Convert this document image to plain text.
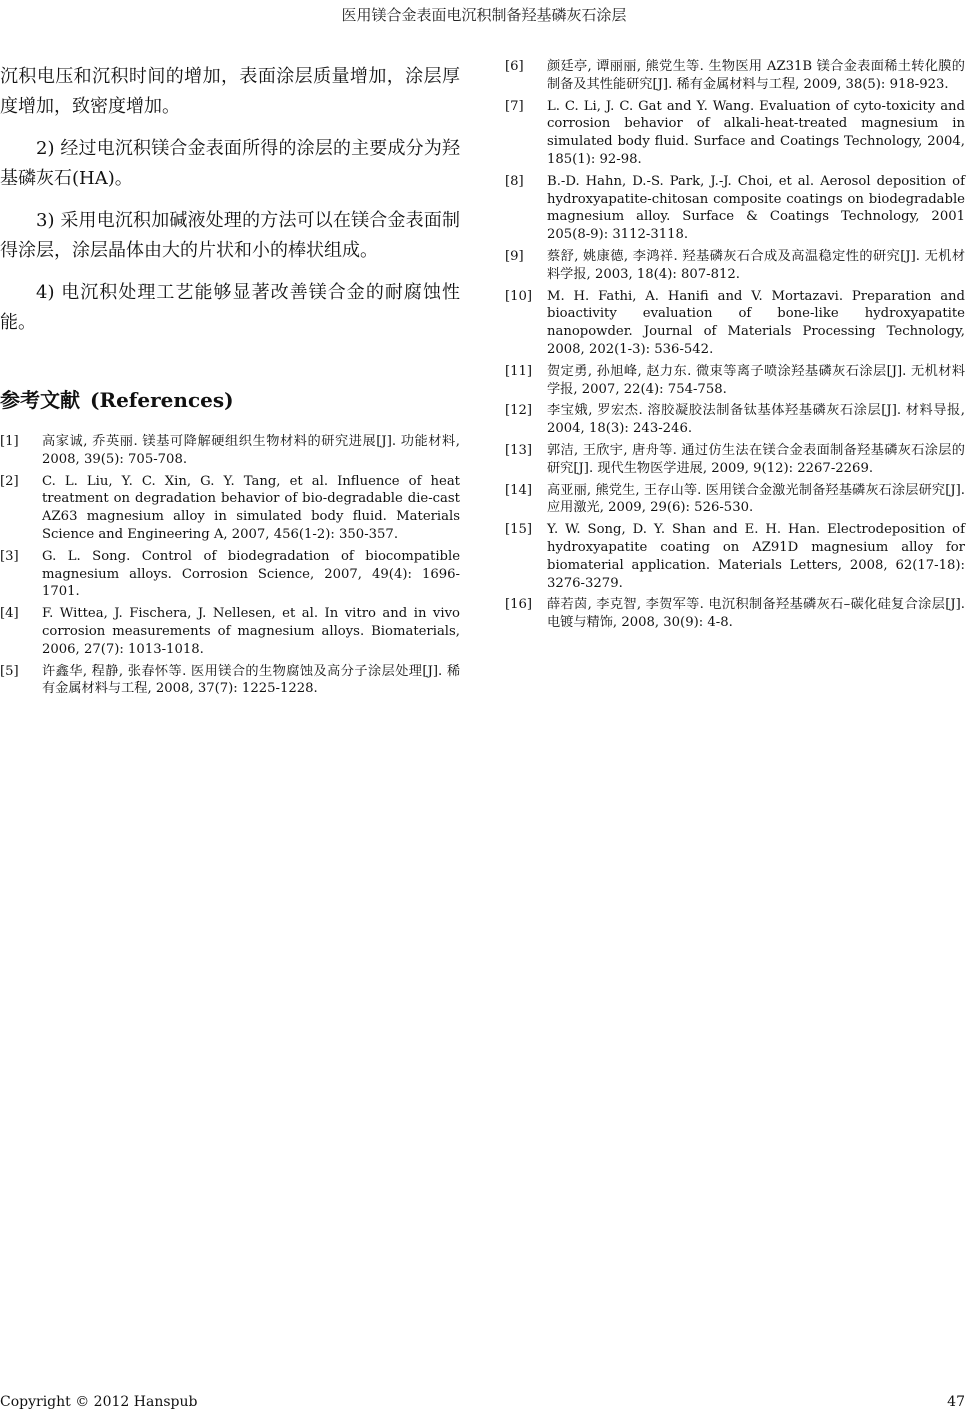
医用镁合金表面电沉积制备羟基磷灰石涂层

沉积电压和沉积时间的增加，表面涂层质量增加，涂层厚度增加，致密度增加。

2) 经过电沉积镁合金表面所得的涂层的主要成分为羟基磷灰石(HA)。

3) 采用电沉积加碱液处理的方法可以在镁合金表面制得涂层，涂层晶体由大的片状和小的棒状组成。

4) 电沉积处理工艺能够显著改善镁合金的耐腐蚀性能。

参考文献 (References)
[1]	高家诚, 乔英丽. 镁基可降解硬组织生物材料的研究进展[J]. 功能材料, 2008, 39(5): 705-708.
[2]	C. L. Liu, Y. C. Xin, G. Y. Tang, et al. Influence of heat treatment on degradation behavior of bio-degradable die-cast AZ63 magnesium alloy in simulated body fluid. Materials Science and Engineering A, 2007, 456(1-2): 350-357.
[3]	G. L. Song. Control of biodegradation of biocompatible magnesium alloys. Corrosion Science, 2007, 49(4): 1696-1701.
[4]	F. Wittea, J. Fischera, J. Nellesen, et al. In vitro and in vivo corrosion measurements of magnesium alloys. Biomaterials, 2006, 27(7): 1013-1018.
[5]	许鑫华, 程静, 张春怀等. 医用镁合的生物腐蚀及高分子涂层处理[J]. 稀有金属材料与工程, 2008, 37(7): 1225-1228.
[6]	颜廷亭, 谭丽丽, 熊党生等. 生物医用 AZ31B 镁合金表面稀土转化膜的制备及其性能研究[J]. 稀有金属材料与工程, 2009, 38(5): 918-923.
[7]	L. C. Li, J. C. Gat and Y. Wang. Evaluation of cyto-toxicity and corrosion behavior of alkali-heat-treated magnesium in simulated body fluid. Surface and Coatings Technology, 2004, 185(1): 92-98.
[8]	B.-D. Hahn, D.-S. Park, J.-J. Choi, et al. Aerosol deposition of hydroxyapatite-chitosan composite coatings on biodegradable magnesium alloy. Surface & Coatings Technology, 2001 205(8-9): 3112-3118.
[9]	蔡舒, 姚康德, 李鸿祥. 羟基磷灰石合成及高温稳定性的研究[J]. 无机材料学报, 2003, 18(4): 807-812.
[10]	M. H. Fathi, A. Hanifi and V. Mortazavi. Preparation and bioactivity evaluation of bone-like hydroxyapatite nanopowder. Journal of Materials Processing Technology, 2008, 202(1-3): 536-542.
[11]	贺定勇, 孙旭峰, 赵力东. 微束等离子喷涂羟基磷灰石涂层[J]. 无机材料学报, 2007, 22(4): 754-758.
[12]	李宝娥, 罗宏杰. 溶胶凝胶法制备钛基体羟基磷灰石涂层[J]. 材料导报, 2004, 18(3): 243-246.
[13]	郭洁, 王欣宇, 唐舟等. 通过仿生法在镁合金表面制备羟基磷灰石涂层的研究[J]. 现代生物医学进展, 2009, 9(12): 2267-2269.
[14]	高亚丽, 熊党生, 王存山等. 医用镁合金激光制备羟基磷灰石涂层研究[J]. 应用激光, 2009, 29(6): 526-530.
[15]	Y. W. Song, D. Y. Shan and E. H. Han. Electrodeposition of hydroxyapatite coating on AZ91D magnesium alloy for biomaterial application. Materials Letters, 2008, 62(17-18): 3276-3279.
[16]	薛若茵, 李克智, 李贺军等. 电沉积制备羟基磷灰石–碳化硅复合涂层[J]. 电镀与精饰, 2008, 30(9): 4-8.
Copyright © 2012 Hanspub	47
